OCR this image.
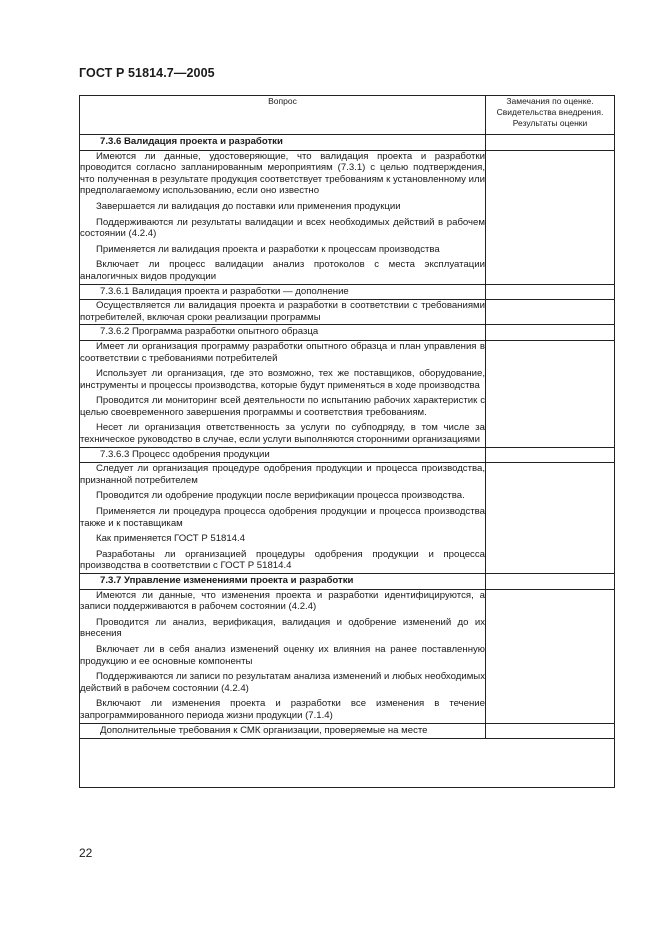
ГОСТ Р 51814.7—2005
Вопрос	Замечания по оценке. Свидетельства внедрения. Результаты оценки
7.3.6 Валидация проекта и разработки	

Имеются ли данные, удостоверяющие, что валидация проекта и разработки проводится согласно запланированным мероприятиям (7.3.1) с целью подтверждения, что полученная в результате продукция соответствует требованиям к установленному или предполагаемому использованию, если оно известно
Завершается ли валидация до поставки или применения продукции
Поддерживаются ли результаты валидации и всех необходимых действий в рабочем состоянии (4.2.4)
Применяется ли валидация проекта и разработки к процессам производства
Включает ли процесс валидации анализ протоколов с места эксплуатации аналогичных видов продукции	

7.3.6.1 Валидация проекта и разработки — дополнение	

Осуществляется ли валидация проекта и разработки в соответствии с требованиями потребителей, включая сроки реализации программы	

7.3.6.2 Программа разработки опытного образца	

Имеет ли организация программу разработки опытного образца и план управления в соответствии с требованиями потребителей
Использует ли организация, где это возможно, тех же поставщиков, оборудование, инструменты и процессы производства, которые будут применяться в ходе производства
Проводится ли мониторинг всей деятельности по испытанию рабочих характеристик с целью своевременного завершения программы и соответствия требованиям.
Несет ли организация ответственность за услуги по субподряду, в том числе за техническое руководство в случае, если услуги выполняются сторонними организациями	

7.3.6.3 Процесс одобрения продукции	

Следует ли организация процедуре одобрения продукции и процесса производства, признанной потребителем
Проводится ли одобрение продукции после верификации процесса производства.
Применяется ли процедура процесса одобрения продукции и процесса производства также и к поставщикам
Как применяется ГОСТ Р 51814.4
Разработаны ли организацией процедуры одобрения продукции и процесса производства в соответствии с ГОСТ Р 51814.4	

7.3.7 Управление изменениями проекта и разработки	

Имеются ли данные, что изменения проекта и разработки идентифицируются, а записи поддерживаются в рабочем состоянии (4.2.4)
Проводится ли анализ, верификация, валидация и одобрение изменений до их внесения
Включает ли в себя анализ изменений оценку их влияния на ранее поставленную продукцию и ее основные компоненты
Поддерживаются ли записи по результатам анализа изменений и любых необходимых действий в рабочем состоянии (4.2.4)
Включают ли изменения проекта и разработки все изменения в течение запрограммированного периода жизни продукции (7.1.4)	

Дополнительные требования к СМК организации, проверяемые на месте	

22
